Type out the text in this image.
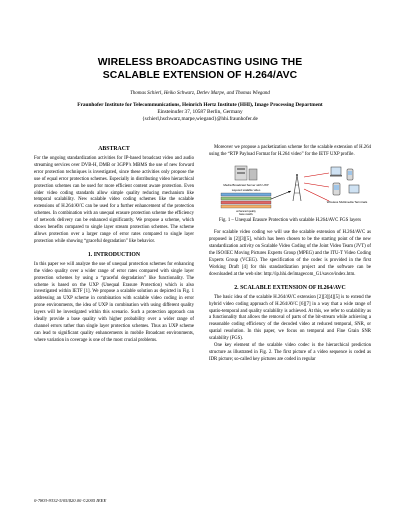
WIRELESS BROADCASTING USING THE
SCALABLE EXTENSION OF H.264/AVC
Thomas Schierl, Heiko Schwarz, Detlev Marpe, and Thomas Wiegand
Fraunhofer Institute for Telecommunications, Heinrich Hertz Institute (HHI), Image Processing Department
Einsteinufer 37, 10587 Berlin, Germany
{schierl,hschwarz,marpe,wiegand}@hhi.fraunhofer.de
ABSTRACT

For the ongoing standardization activities for IP-based broadcast video and audio streaming services over DVB-H, DMB or 3GPP’s MBMS the use of new forward error protection techniques is investigated, since these activities only propose the use of equal error protection schemes. Especially in distributing video hierarchical protection schemes can be used for more efficient content aware protection. Even older video coding standards allow simple quality reducing mechanism like temporal scalability. New scalable video coding schemes like the scalable extensions of H.264/AVC can be used for a further enhancement of the protection schemes. In combination with an unequal erasure protection scheme the efficiency of network delivery can be enhanced significantly. We propose a scheme, which shows benefits compared to single layer stream protection schemes. The scheme allows protection over a larger range of error rates compared to single layer protection while showing “graceful degradation” like behavior.

1. INTRODUCTION

In this paper we will analyze the use of unequal protection schemes for enhancing the video quality over a wider range of error rates compared with single layer protection schemes by using a “graceful degradation” like functionality. The scheme is based on the UXP (Unequal Erasure Protection) which is also investigated within IETF [1]. We propose a scalable solution as depicted in Fig. 1 addressing an UXP scheme in combination with scalable video coding in error prone environments, the idea of UXP in combination with using different quality layers will be investigated within this scenario. Such a protection approach can ideally provide a base quality with higher probability over a wider range of channel errors rather than single layer protection schemes. Thus an UXP scheme can lead to significant quality enhancements in mobile Broadcast environments, where variation in coverage is one of the most crucial problems.

Moreover we propose a packetization scheme for the scalable extension of H.264 using the “RTP Payload Format for H.264 video” for the IETF UXP profile.

Media Broadcast Server with UXP
Layered scalable video
enhanced quality
base quality
Wireless Multimedia Terminals
Fig. 1 – Unequal Erasure Protection with scalable H.264/AVC FGS layers

For scalable video coding we will use the scalable extension of H.264/AVC as proposed in [2][3][5], which has been chosen to be the starting point of the new standardization activity on Scalable Video Coding of the Joint Video Team (JVT) of the ISO/IEC Moving Pictures Experts Group (MPEG) and the ITU-T Video Coding Experts Group (VCEG). The specification of the codec is provided in the first Working Draft [4] for this standardization project and the software can be downloaded at the web site: http://ip.hhi.de/imagecom_G1/savce/index.htm.

2. SCALABLE EXTENSION OF H.264/AVC

The basic idea of the scalable H.264/AVC extension [2][3][4][5] is to extend the hybrid video coding approach of H.264/AVC [6][7] in a way that a wide range of spatio-temporal and quality scalability is achieved. At this, we refer to scalability as a functionality that allows the removal of parts of the bit-stream while achieving a reasonable coding efficiency of the decoded video at reduced temporal, SNR, or spatial resolution. In this paper, we focus on temporal and Fine Grain SNR scalability (FGS).

One key element of the scalable video codec is the hierarchical prediction structure as illustrated in Fig. 2. The first picture of a video sequence is coded as IDR picture; so-called key pictures are coded in regular

0-7803-9332-5/05/$20.00 ©2005 IEEE
